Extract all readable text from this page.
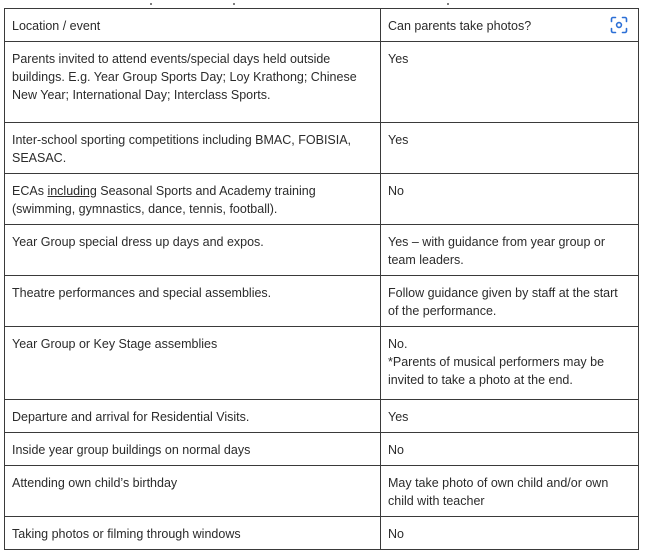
Location / event	Can parents take photos?

Parents invited to attend events/special days held outside buildings. E.g. Year Group Sports Day; Loy Krathong; Chinese New Year; International Day; Interclass Sports.	Yes
Inter-school sporting competitions including BMAC, FOBISIA, SEASAC.	Yes
ECAs including Seasonal Sports and Academy training (swimming, gymnastics, dance, tennis, football).	No
Year Group special dress up days and expos.	Yes – with guidance from year group or team leaders.
Theatre performances and special assemblies.	Follow guidance given by staff at the start of the performance.
Year Group or Key Stage assemblies	No.
*Parents of musical performers may be invited to take a photo at the end.

Departure and arrival for Residential Visits.	Yes
Inside year group buildings on normal days	No
Attending own child’s birthday	May take photo of own child and/or own child with teacher
Taking photos or filming through windows	No
